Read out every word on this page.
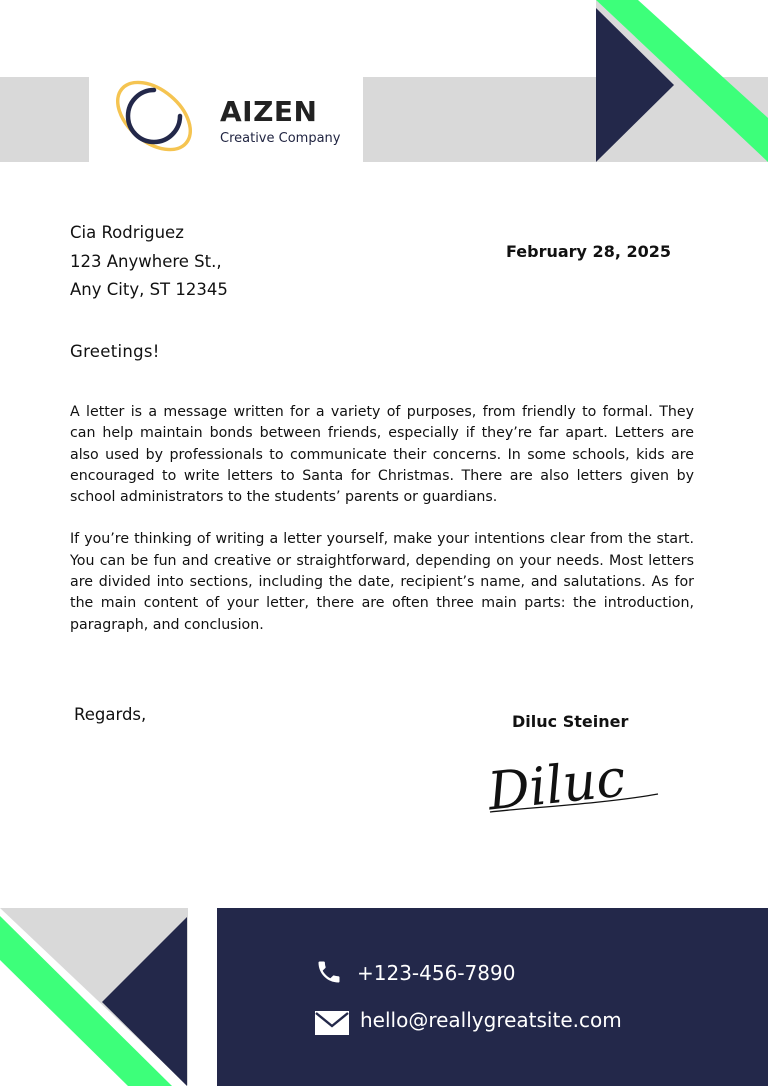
AIZEN
Creative Company
Cia Rodriguez
123 Anywhere St.,
Any City, ST 12345
February 28, 2025
Greetings!

A letter is a message written for a variety of purposes, from friendly to formal. They can help maintain bonds between friends, especially if they’re far apart. Letters are also used by professionals to communicate their concerns. In some schools, kids are encouraged to write letters to Santa for Christmas. There are also letters given by school administrators to the students’ parents or guardians.

If you’re thinking of writing a letter yourself, make your intentions clear from the start. You can be fun and creative or straightforward, depending on your needs. Most letters are divided into sections, including the date, recipient’s name, and salutations. As for the main content of your letter, there are often three main parts: the introduction, paragraph, and conclusion.

Regards,	Diluc Steiner
Diluc
+123-456-7890
hello@reallygreatsite.com
